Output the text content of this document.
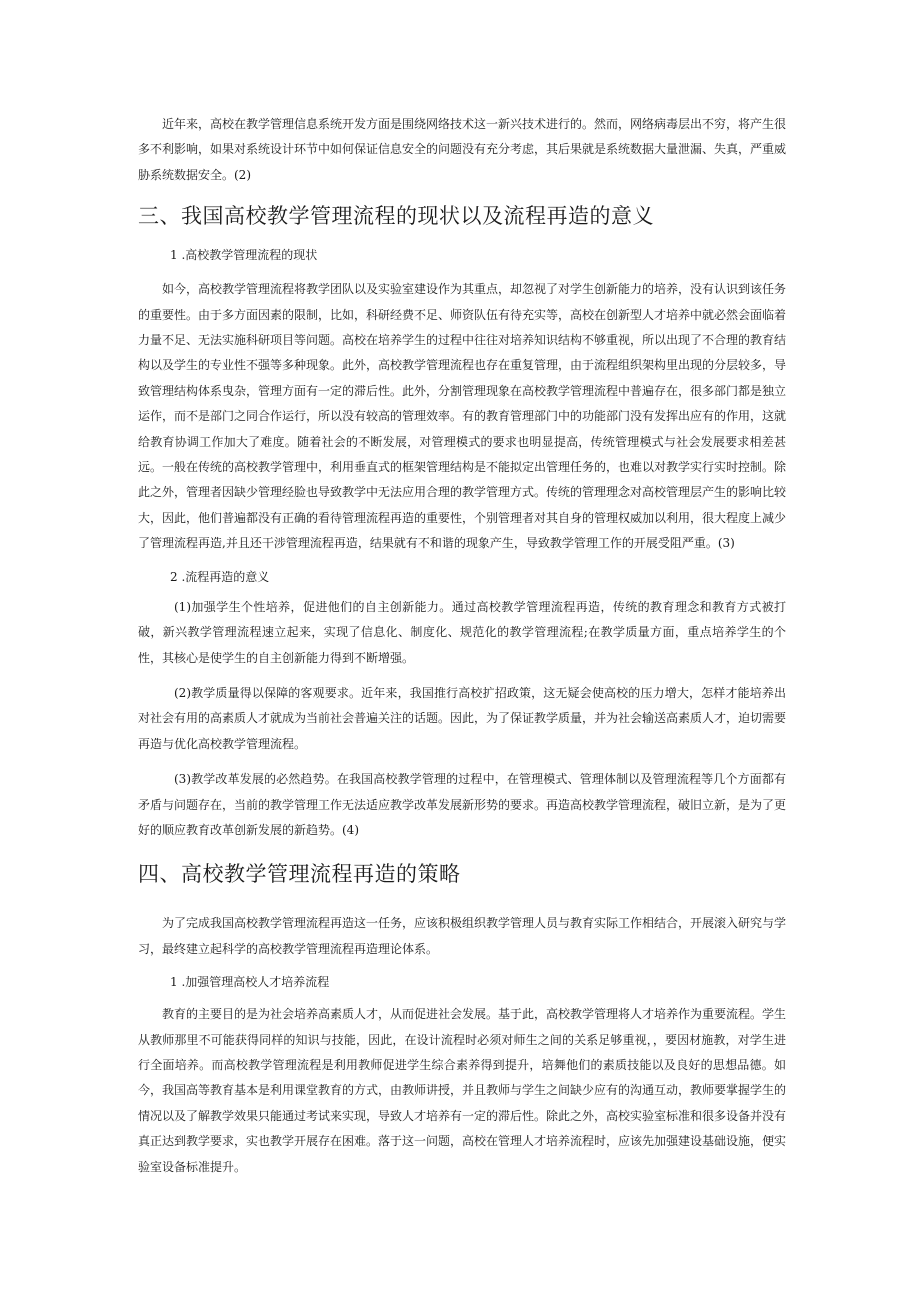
近年来，高校在教学管理信息系统开发方面是围绕网络技术这一新兴技术进行的。然而，网络病毒层出不穷，将产生很多不利影响，如果对系统设计环节中如何保证信息安全的问题没有充分考虑，其后果就是系统数据大量泄漏、失真，严重威胁系统数据安全。(2)

三、我国高校教学管理流程的现状以及流程再造的意义

1 .高校教学管理流程的现状

如今，高校教学管理流程将教学团队以及实验室建设作为其重点，却忽视了对学生创新能力的培养，没有认识到该任务的重要性。由于多方面因素的限制，比如，科研经费不足、师资队伍有待充实等，高校在创新型人才培养中就必然会面临着力量不足、无法实施科研项目等问题。高校在培养学生的过程中往往对培养知识结构不够重视，所以出现了不合理的教育结构以及学生的专业性不强等多种现象。此外，高校教学管理流程也存在重复管理，由于流程组织架构里出现的分层较多，导致管理结构体系曳杂，管理方面有一定的滞后性。此外，分割管理现象在高校教学管理流程中普遍存在，很多部门都是独立运作，而不是部门之同合作运行，所以没有较高的管理效率。有的教育管理部门中的功能部门没有发挥出应有的作用，这就给教育协调工作加大了难度。随着社会的不断发展，对管理模式的要求也明显提高，传统管理模式与社会发展要求相差甚远。一般在传统的高校教学管理中，利用垂直式的框架管理结构是不能拟定出管理任务的，也难以对教学实行实时控制。除此之外，管理者因缺少管理经脸也导致教学中无法应用合理的教学管理方式。传统的管理理念对高校管理层产生的影响比较大，因此，他们普遍都没有正确的看待管理流程再造的重要性，个别管理者对其自身的管理权威加以利用，很大程度上减少了管理流程再造,并且还干涉管理流程再造，结果就有不和谐的现象产生，导致教学管理工作的开展受阻严重。(3)

2 .流程再造的意义

(1)加强学生个性培养，促进他们的自主创新能力。通过高校教学管理流程再造，传统的教育理念和教育方式被打破，新兴教学管理流程速立起来，实现了信息化、制度化、规范化的教学管理流程;在教学质量方面，重点培养学生的个性，其核心是使学生的自主创新能力得到不断增强。

(2)教学质量得以保障的客观要求。近年来，我国推行高校扩招政策，这无疑会使高校的压力增大，怎样才能培养出对社会有用的高素质人才就成为当前社会普遍关注的话题。因此，为了保证教学质量，并为社会输送高素质人才，迫切需要再造与优化高校教学管理流程。

(3)教学改革发展的必然趋势。在我国高校教学管理的过程中，在管理模式、管理体制以及管理流程等几个方面都有矛盾与问题存在，当前的教学管理工作无法适应教学改革发展新形势的要求。再造高校教学管理流程，破旧立新，是为了更好的顺应教育改革创新发展的新趋势。(4)

四、高校教学管理流程再造的策略

为了完成我国高校教学管理流程再造这一任务，应该积极组织教学管理人员与教育实际工作相结合，开展滚入研究与学习，最终建立起科学的高校教学管理流程再造理论体系。

1 .加强管理高校人才培养流程

教育的主要目的是为社会培养高素质人才，从而促进社会发展。基于此，高校教学管理将人才培养作为重要流程。学生从教师那里不可能获得同样的知识与技能，因此，在设计流程时必须对师生之间的关系足够重视，，要因材施教，对学生进行全面培养。而高校教学管理流程是利用教师促进学生综合素养得到提升，培舞他们的素质技能以及良好的思想品德。如今，我国高等教育基本是利用课堂教育的方式，由教师讲授，并且教师与学生之间缺少应有的沟通互动，教师要掌握学生的情况以及了解教学效果只能通过考试来实现，导致人才培养有一定的滞后性。除此之外，高校实验室标准和很多设备并没有真正达到教学要求，实也教学开展存在困难。落于这一问题，高校在管理人才培养流程时，应该先加强建设基础设施，便实验室设备标准提升。
